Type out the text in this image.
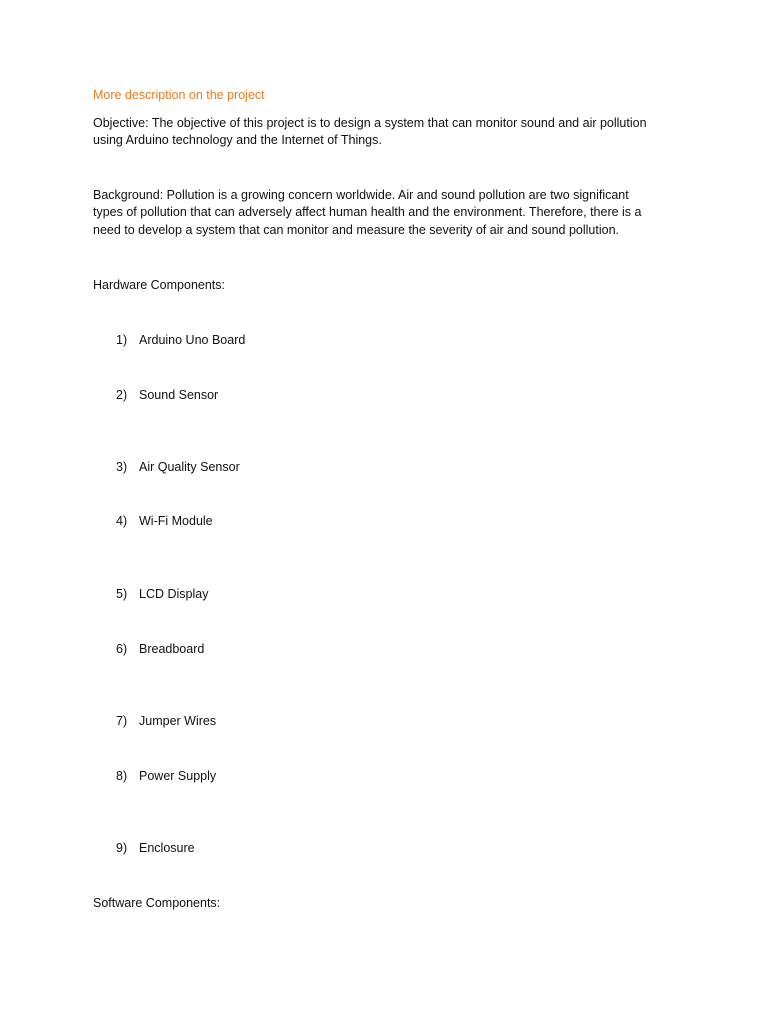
More description on the project
Objective: The objective of this project is to design a system that can monitor sound and air pollution
using Arduino technology and the Internet of Things.
Background: Pollution is a growing concern worldwide. Air and sound pollution are two significant
types of pollution that can adversely affect human health and the environment. Therefore, there is a
need to develop a system that can monitor and measure the severity of air and sound pollution.
Hardware Components:
1) Arduino Uno Board
2) Sound Sensor
3) Air Quality Sensor
4) Wi-Fi Module
5) LCD Display
6) Breadboard
7) Jumper Wires
8) Power Supply
9) Enclosure
Software Components:
